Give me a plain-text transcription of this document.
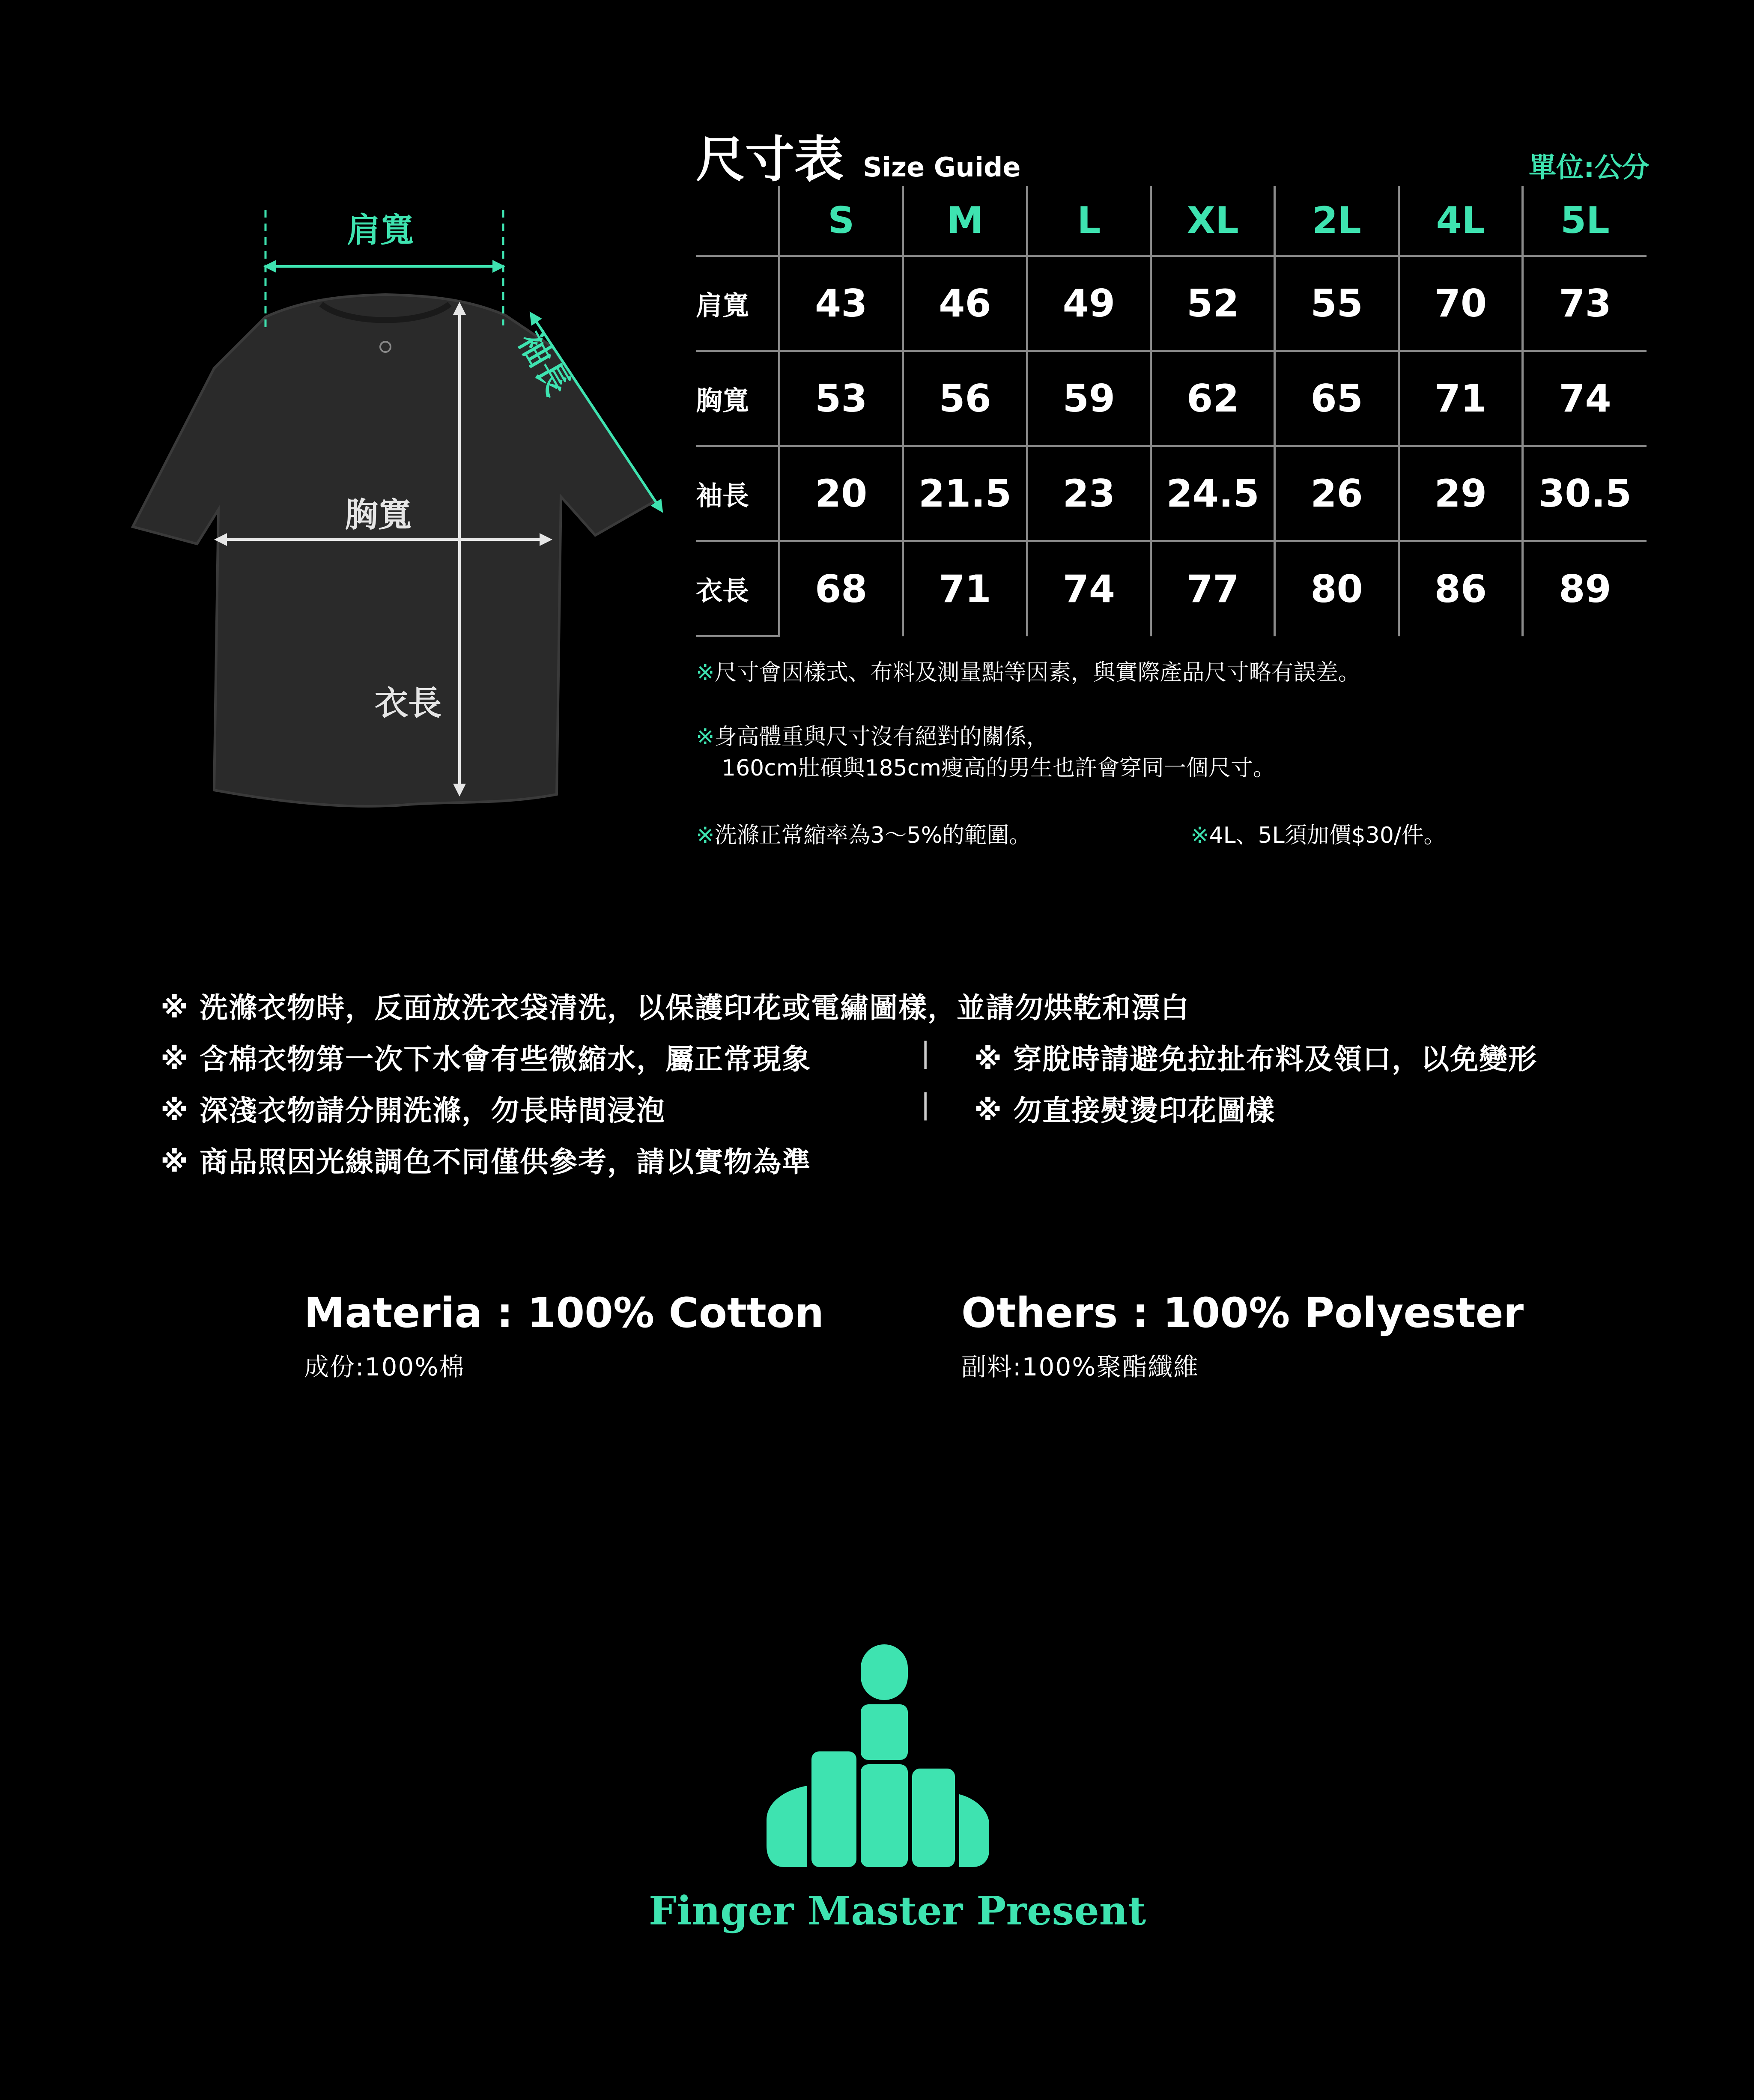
肩寬
袖長
胸寬
衣長
尺寸表 Size Guide	單位:公分
	S	M	L	XL	2L	4L	5L
肩寬	43	46	49	52	55	70	73
胸寬	53	56	59	62	65	71	74
袖長	20	21.5	23	24.5	26	29	30.5
衣長	68	71	74	77	80	86	89
※尺寸會因樣式、布料及測量點等因素，與實際產品尺寸略有誤差。
※身高體重與尺寸沒有絕對的關係，
160cm壯碩與185cm瘦高的男生也許會穿同一個尺寸。
※洗滌正常縮率為3～5%的範圍。	※4L、5L須加價$30/件。
※ 洗滌衣物時，反面放洗衣袋清洗，以保護印花或電繡圖樣，並請勿烘乾和漂白
※ 含棉衣物第一次下水會有些微縮水，屬正常現象	| ※ 穿脫時請避免拉扯布料及領口，以免變形
※ 深淺衣物請分開洗滌，勿長時間浸泡	| ※ 勿直接熨燙印花圖樣
※ 商品照因光線調色不同僅供參考，請以實物為準
Materia : 100% Cotton
成份:100%棉
Others : 100% Polyester
副料:100%聚酯纖維
Finger Master Present
